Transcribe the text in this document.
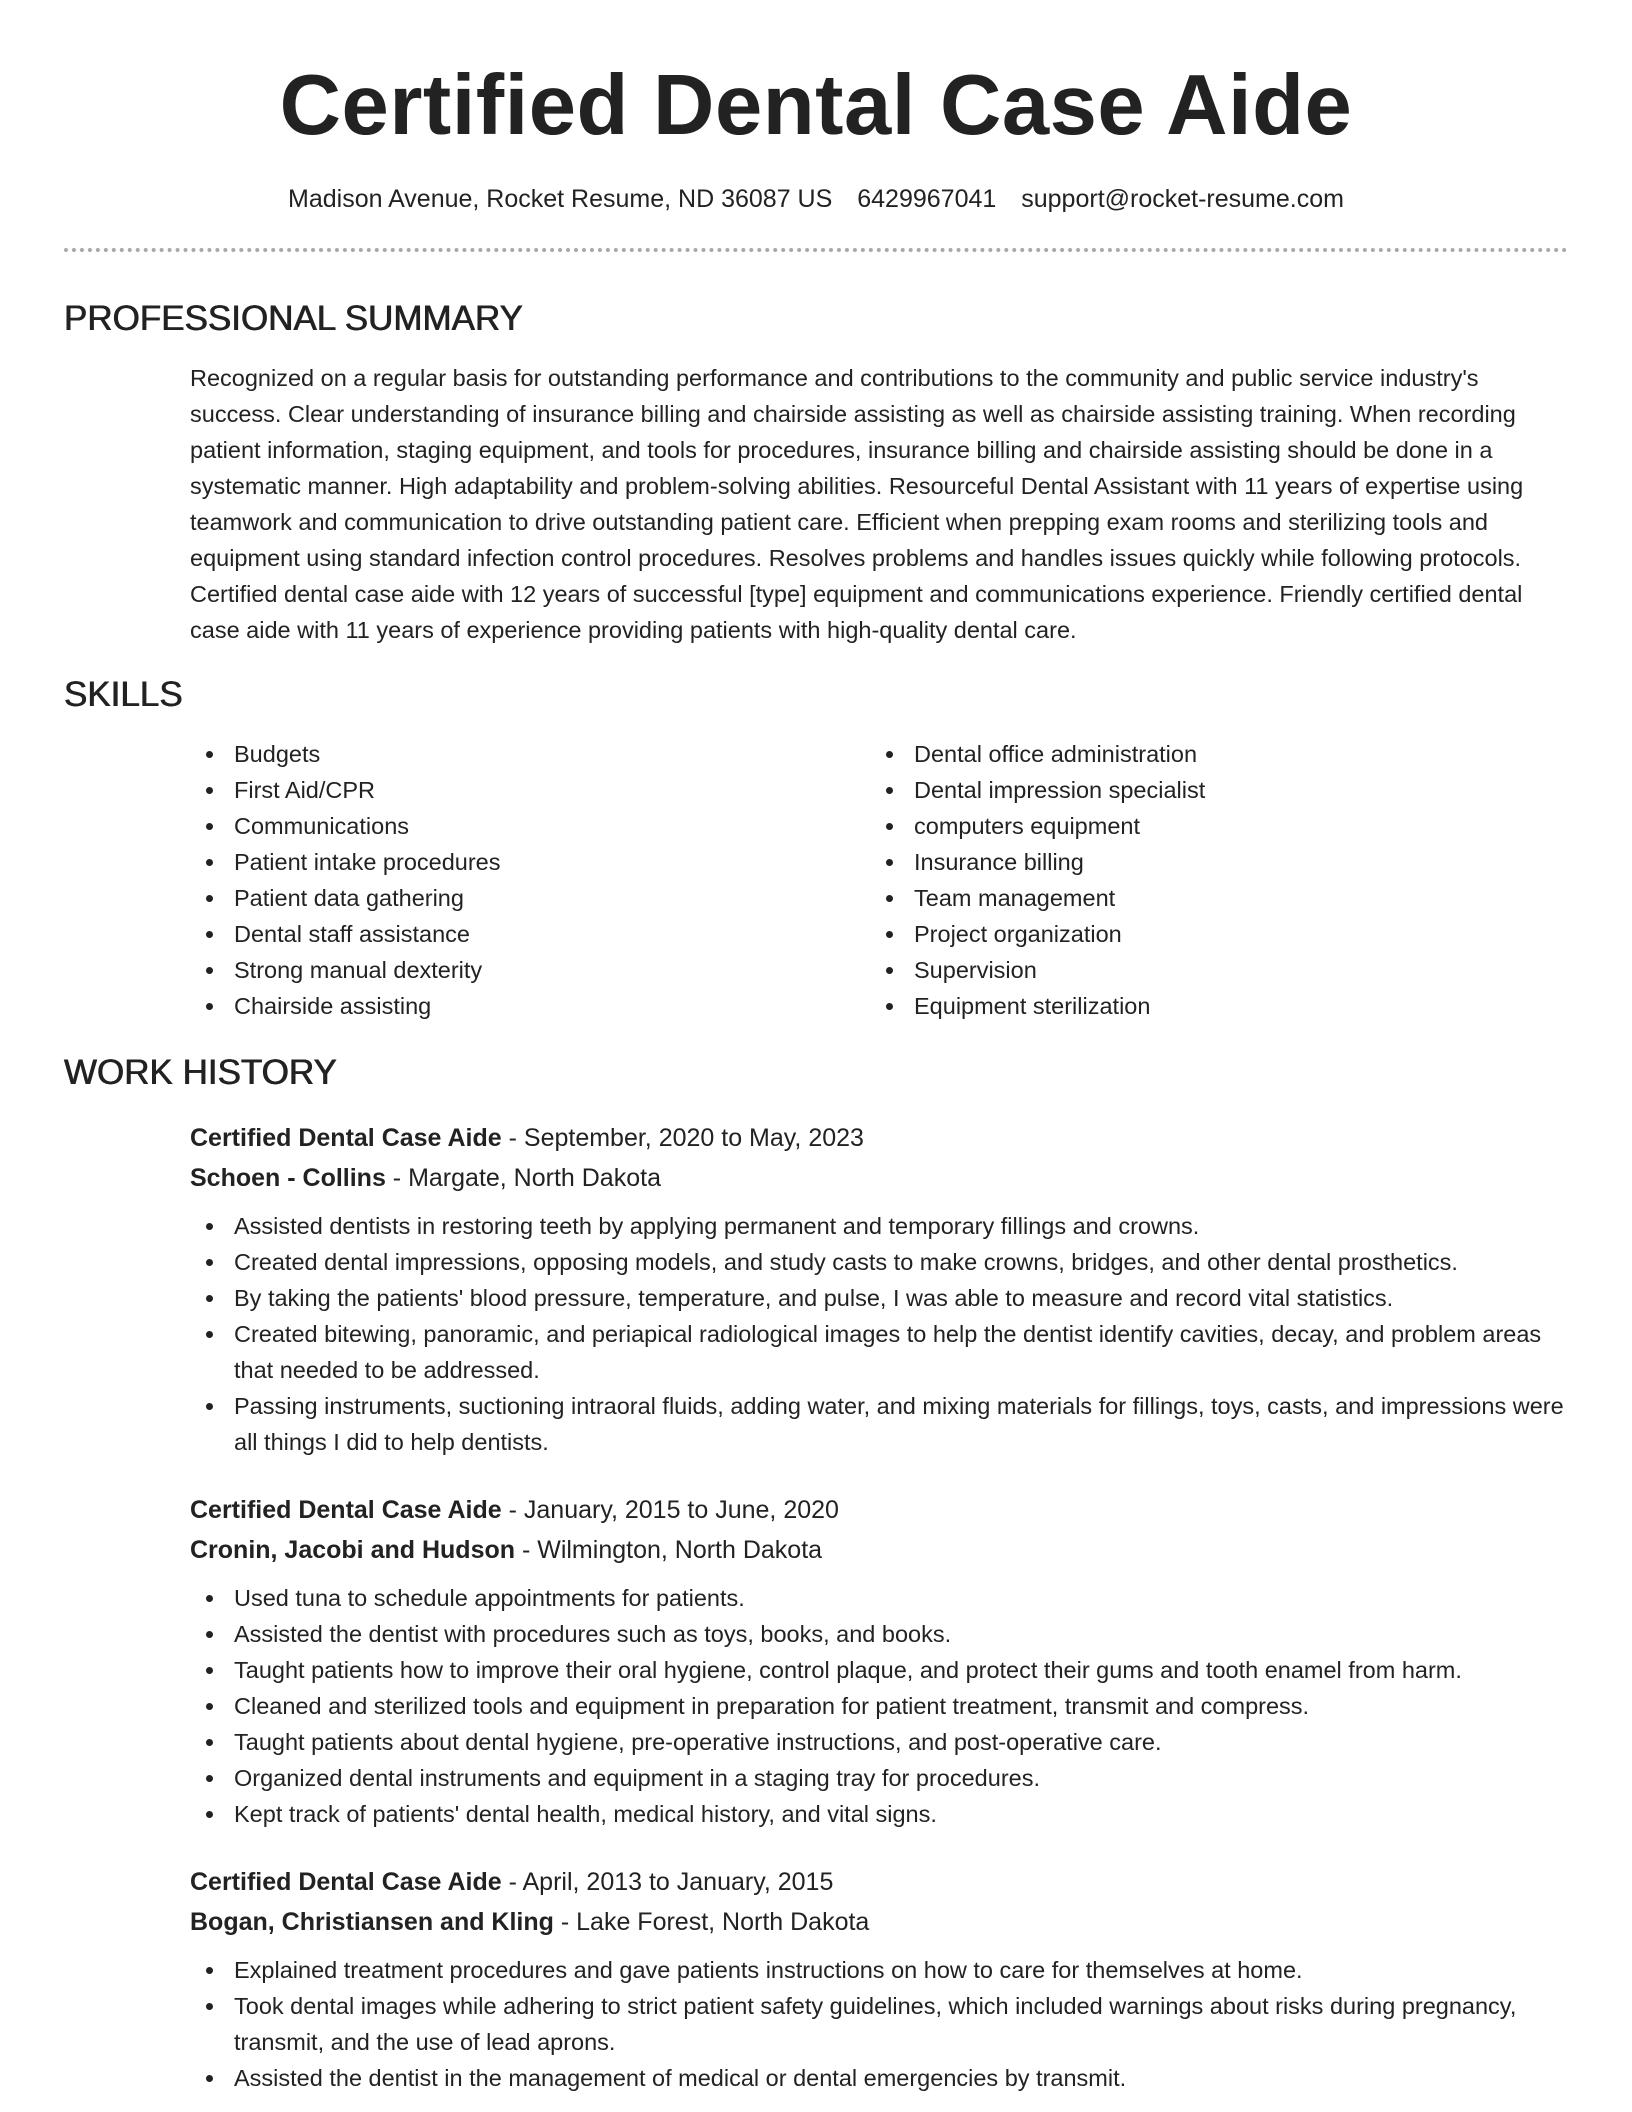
Certified Dental Case Aide
Madison Avenue, Rocket Resume, ND 36087 US 6429967041 support@rocket-resume.com
PROFESSIONAL SUMMARY

Recognized on a regular basis for outstanding performance and contributions to the community and public service industry's success. Clear understanding of insurance billing and chairside assisting as well as chairside assisting training. When recording patient information, staging equipment, and tools for procedures, insurance billing and chairside assisting should be done in a systematic manner. High adaptability and problem-solving abilities. Resourceful Dental Assistant with 11 years of expertise using teamwork and communication to drive outstanding patient care. Efficient when prepping exam rooms and sterilizing tools and equipment using standard infection control procedures. Resolves problems and handles issues quickly while following protocols. Certified dental case aide with 12 years of successful [type] equipment and communications experience. Friendly certified dental case aide with 11 years of experience providing patients with high-quality dental care.

SKILLS
Budgets
First Aid/CPR
Communications
Patient intake procedures
Patient data gathering
Dental staff assistance
Strong manual dexterity
Chairside assisting
Dental office administration
Dental impression specialist
computers equipment
Insurance billing
Team management
Project organization
Supervision
Equipment sterilization
WORK HISTORY
Certified Dental Case Aide - September, 2020 to May, 2023
Schoen - Collins - Margate, North Dakota
Assisted dentists in restoring teeth by applying permanent and temporary fillings and crowns.
Created dental impressions, opposing models, and study casts to make crowns, bridges, and other dental prosthetics.
By taking the patients' blood pressure, temperature, and pulse, I was able to measure and record vital statistics.
Created bitewing, panoramic, and periapical radiological images to help the dentist identify cavities, decay, and problem areas that needed to be addressed.
Passing instruments, suctioning intraoral fluids, adding water, and mixing materials for fillings, toys, casts, and impressions were all things I did to help dentists.
Certified Dental Case Aide - January, 2015 to June, 2020
Cronin, Jacobi and Hudson - Wilmington, North Dakota
Used tuna to schedule appointments for patients.
Assisted the dentist with procedures such as toys, books, and books.
Taught patients how to improve their oral hygiene, control plaque, and protect their gums and tooth enamel from harm.
Cleaned and sterilized tools and equipment in preparation for patient treatment, transmit and compress.
Taught patients about dental hygiene, pre-operative instructions, and post-operative care.
Organized dental instruments and equipment in a staging tray for procedures.
Kept track of patients' dental health, medical history, and vital signs.
Certified Dental Case Aide - April, 2013 to January, 2015
Bogan, Christiansen and Kling - Lake Forest, North Dakota
Explained treatment procedures and gave patients instructions on how to care for themselves at home.
Took dental images while adhering to strict patient safety guidelines, which included warnings about risks during pregnancy, transmit, and the use of lead aprons.
Assisted the dentist in the management of medical or dental emergencies by transmit.
